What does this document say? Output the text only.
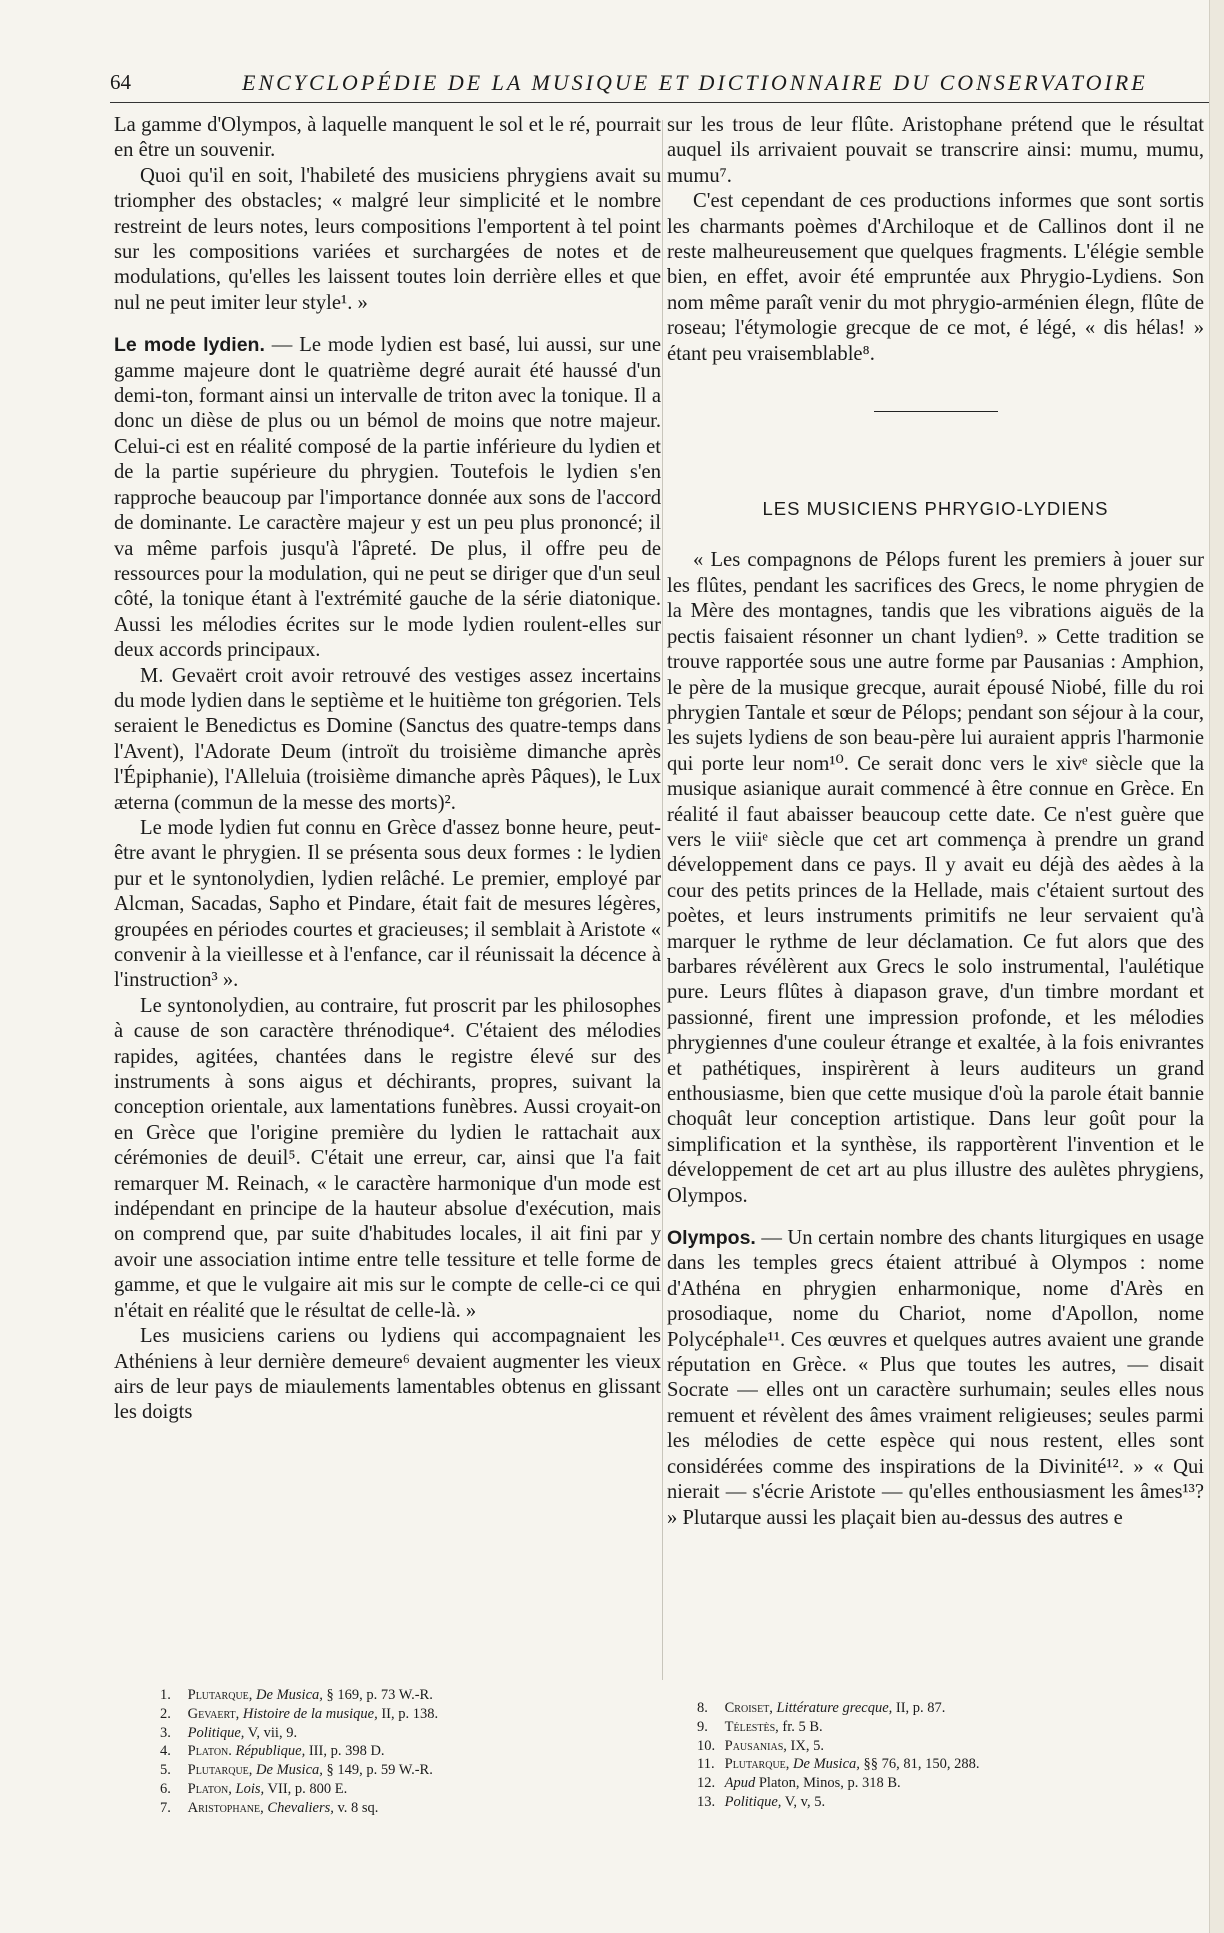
64	ENCYCLOPÉDIE DE LA MUSIQUE ET DICTIONNAIRE DU CONSERVATOIRE

La gamme d'Olympos, à laquelle manquent le sol et le ré, pourrait en être un souvenir.

Quoi qu'il en soit, l'habileté des musiciens phrygiens avait su triompher des obstacles; « malgré leur simplicité et le nombre restreint de leurs notes, leurs compositions l'emportent à tel point sur les compositions variées et surchargées de notes et de modulations, qu'elles les laissent toutes loin derrière elles et que nul ne peut imiter leur style¹. »

Le mode lydien. — Le mode lydien est basé, lui aussi, sur une gamme majeure dont le quatrième degré aurait été haussé d'un demi-ton, formant ainsi un intervalle de triton avec la tonique. Il a donc un dièse de plus ou un bémol de moins que notre majeur. Celui-ci est en réalité composé de la partie inférieure du lydien et de la partie supérieure du phrygien. Toutefois le lydien s'en rapproche beaucoup par l'importance donnée aux sons de l'accord de dominante. Le caractère majeur y est un peu plus prononcé; il va même parfois jusqu'à l'âpreté. De plus, il offre peu de ressources pour la modulation, qui ne peut se diriger que d'un seul côté, la tonique étant à l'extrémité gauche de la série diatonique. Aussi les mélodies écrites sur le mode lydien roulent-elles sur deux accords principaux.

M. Gevaërt croit avoir retrouvé des vestiges assez incertains du mode lydien dans le septième et le huitième ton grégorien. Tels seraient le Benedictus es Domine (Sanctus des quatre-temps dans l'Avent), l'Adorate Deum (introït du troisième dimanche après l'Épiphanie), l'Alleluia (troisième dimanche après Pâques), le Lux æterna (commun de la messe des morts)².

Le mode lydien fut connu en Grèce d'assez bonne heure, peut-être avant le phrygien. Il se présenta sous deux formes : le lydien pur et le syntonolydien, lydien relâché. Le premier, employé par Alcman, Sacadas, Sapho et Pindare, était fait de mesures légères, groupées en périodes courtes et gracieuses; il semblait à Aristote « convenir à la vieillesse et à l'enfance, car il réunissait la décence à l'instruction³ ».

Le syntonolydien, au contraire, fut proscrit par les philosophes à cause de son caractère thrénodique⁴. C'étaient des mélodies rapides, agitées, chantées dans le registre élevé sur des instruments à sons aigus et déchirants, propres, suivant la conception orientale, aux lamentations funèbres. Aussi croyait-on en Grèce que l'origine première du lydien le rattachait aux cérémonies de deuil⁵. C'était une erreur, car, ainsi que l'a fait remarquer M. Reinach, « le caractère harmonique d'un mode est indépendant en principe de la hauteur absolue d'exécution, mais on comprend que, par suite d'habitudes locales, il ait fini par y avoir une association intime entre telle tessiture et telle forme de gamme, et que le vulgaire ait mis sur le compte de celle-ci ce qui n'était en réalité que le résultat de celle-là. »

Les musiciens cariens ou lydiens qui accompagnaient les Athéniens à leur dernière demeure⁶ devaient augmenter les vieux airs de leur pays de miaulements lamentables obtenus en glissant les doigts

sur les trous de leur flûte. Aristophane prétend que le résultat auquel ils arrivaient pouvait se transcrire ainsi: mumu, mumu, mumu⁷.

C'est cependant de ces productions informes que sont sortis les charmants poèmes d'Archiloque et de Callinos dont il ne reste malheureusement que quelques fragments. L'élégie semble bien, en effet, avoir été empruntée aux Phrygio-Lydiens. Son nom même paraît venir du mot phrygio-arménien élegn, flûte de roseau; l'étymologie grecque de ce mot, é légé, « dis hélas! » étant peu vraisemblable⁸.

LES MUSICIENS PHRYGIO-LYDIENS

« Les compagnons de Pélops furent les premiers à jouer sur les flûtes, pendant les sacrifices des Grecs, le nome phrygien de la Mère des montagnes, tandis que les vibrations aiguës de la pectis faisaient résonner un chant lydien⁹. » Cette tradition se trouve rapportée sous une autre forme par Pausanias : Amphion, le père de la musique grecque, aurait épousé Niobé, fille du roi phrygien Tantale et sœur de Pélops; pendant son séjour à la cour, les sujets lydiens de son beau-père lui auraient appris l'harmonie qui porte leur nom¹⁰. Ce serait donc vers le xivᵉ siècle que la musique asianique aurait commencé à être connue en Grèce. En réalité il faut abaisser beaucoup cette date. Ce n'est guère que vers le viiiᵉ siècle que cet art commença à prendre un grand développement dans ce pays. Il y avait eu déjà des aèdes à la cour des petits princes de la Hellade, mais c'étaient surtout des poètes, et leurs instruments primitifs ne leur servaient qu'à marquer le rythme de leur déclamation. Ce fut alors que des barbares révélèrent aux Grecs le solo instrumental, l'aulétique pure. Leurs flûtes à diapason grave, d'un timbre mordant et passionné, firent une impression profonde, et les mélodies phrygiennes d'une couleur étrange et exaltée, à la fois enivrantes et pathétiques, inspirèrent à leurs auditeurs un grand enthousiasme, bien que cette musique d'où la parole était bannie choquât leur conception artistique. Dans leur goût pour la simplification et la synthèse, ils rapportèrent l'invention et le développement de cet art au plus illustre des aulètes phrygiens, Olympos.

Olympos. — Un certain nombre des chants liturgiques en usage dans les temples grecs étaient attribué à Olympos : nome d'Athéna en phrygien enharmonique, nome d'Arès en prosodiaque, nome du Chariot, nome d'Apollon, nome Polycéphale¹¹. Ces œuvres et quelques autres avaient une grande réputation en Grèce. « Plus que toutes les autres, — disait Socrate — elles ont un caractère surhumain; seules elles nous remuent et révèlent des âmes vraiment religieuses; seules parmi les mélodies de cette espèce qui nous restent, elles sont considérées comme des inspirations de la Divinité¹². » « Qui nierait — s'écrie Aristote — qu'elles enthousiasment les âmes¹³? » Plutarque aussi les plaçait bien au-dessus des autres e

1. Plutarque, De Musica, § 169, p. 73 W.-R.
2. Gevaert, Histoire de la musique, II, p. 138.
3. Politique, V, vii, 9.
4. Platon. République, III, p. 398 D.
5. Plutarque, De Musica, § 149, p. 59 W.-R.
6. Platon, Lois, VII, p. 800 E.
7. Aristophane, Chevaliers, v. 8 sq.
8. Croiset, Littérature grecque, II, p. 87.
9. Télestès, fr. 5 B.
10. Pausanias, IX, 5.
11. Plutarque, De Musica, §§ 76, 81, 150, 288.
12. Apud Platon, Minos, p. 318 B.
13. Politique, V, v, 5.
